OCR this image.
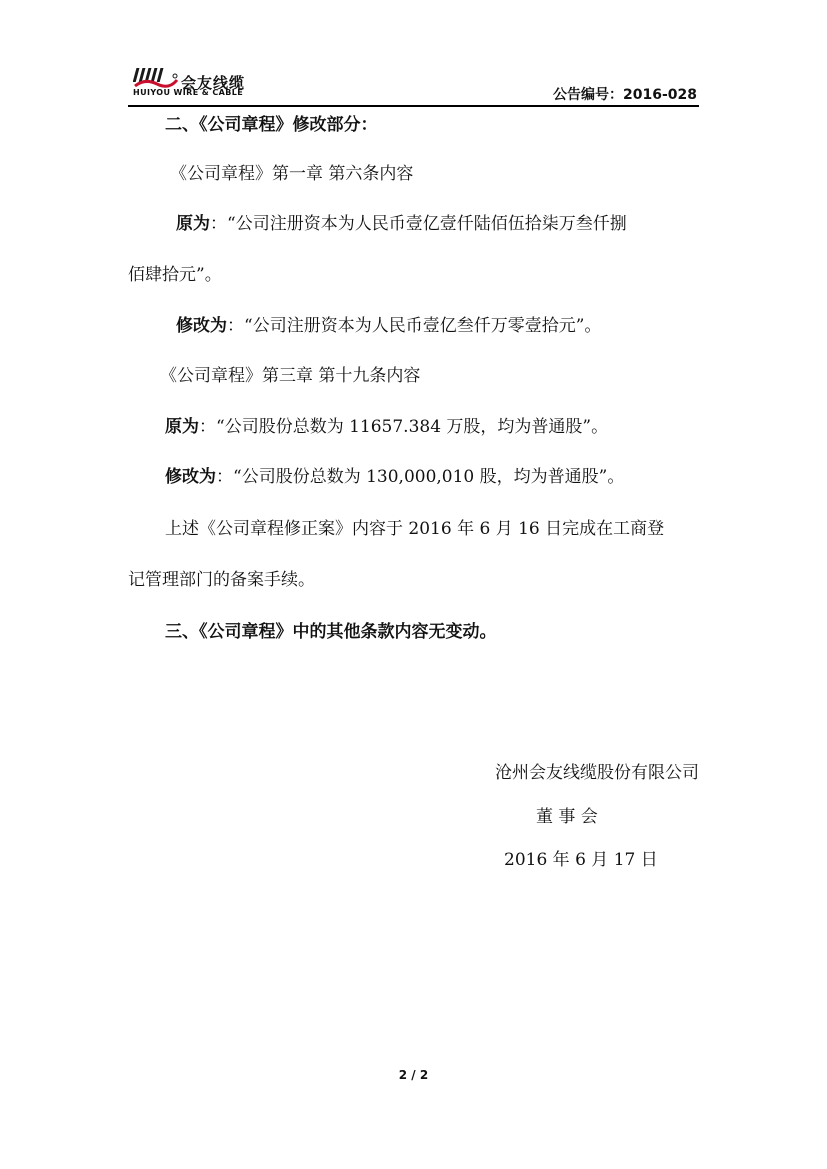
会友线缆
HUIYOU WIRE & CABLE	公告编号：2016-028
二、《公司章程》修改部分：
《公司章程》第一章 第六条内容
原为：“公司注册资本为人民币壹亿壹仟陆佰伍拾柒万叁仟捌
佰肆拾元”。
修改为：“公司注册资本为人民币壹亿叁仟万零壹拾元”。
《公司章程》第三章 第十九条内容
原为：“公司股份总数为 11657.384 万股，均为普通股”。
修改为：“公司股份总数为 130,000,010 股，均为普通股”。
上述《公司章程修正案》内容于 2016 年 6 月 16 日完成在工商登
记管理部门的备案手续。
三、《公司章程》中的其他条款内容无变动。
沧州会友线缆股份有限公司
董 事 会
2016 年 6 月 17 日
2 / 2
